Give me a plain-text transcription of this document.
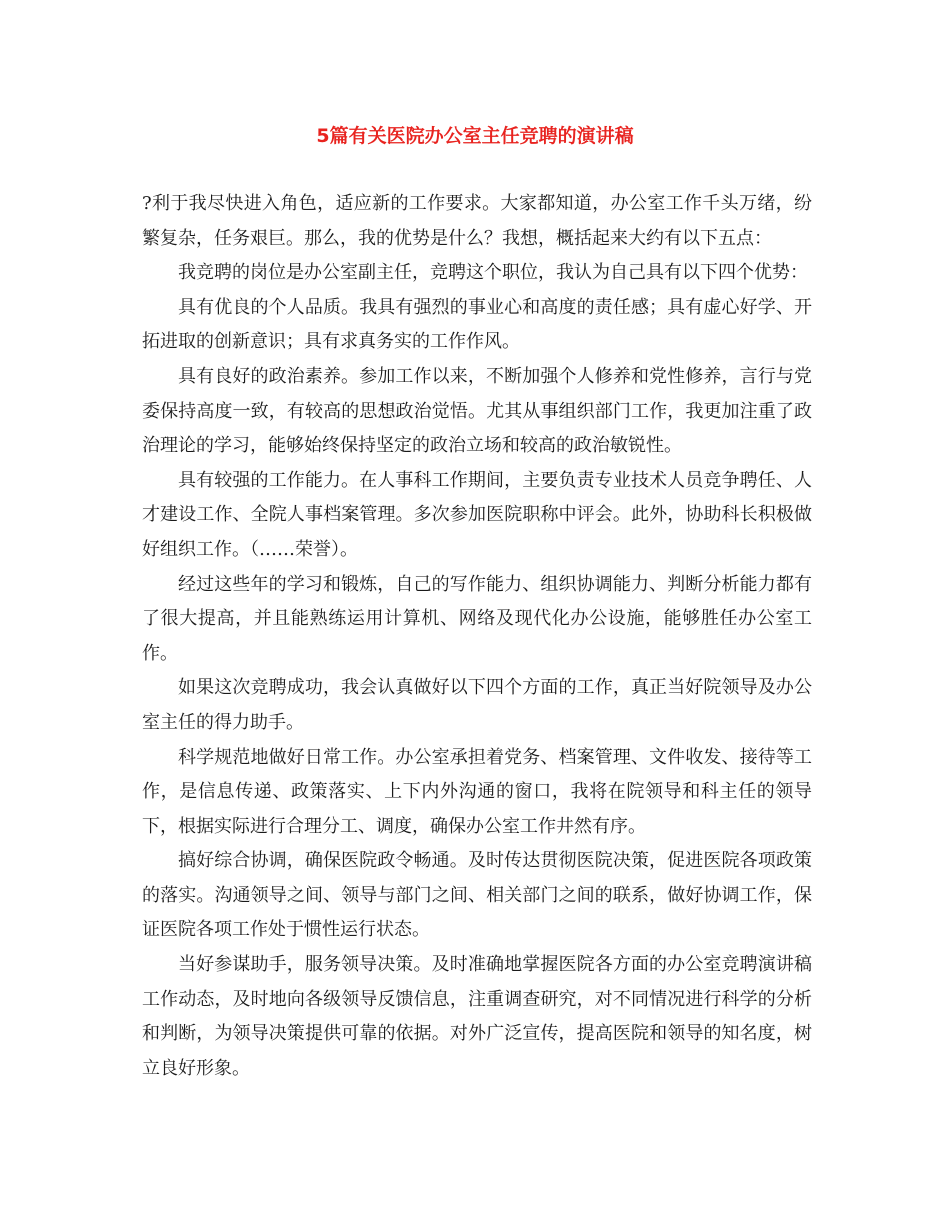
5篇有关医院办公室主任竞聘的演讲稿

?利于我尽快进入角色，适应新的工作要求。大家都知道，办公室工作千头万绪，纷繁复杂，任务艰巨。那么，我的优势是什么？我想，概括起来大约有以下五点：

我竞聘的岗位是办公室副主任，竞聘这个职位，我认为自己具有以下四个优势：

具有优良的个人品质。我具有强烈的事业心和高度的责任感；具有虚心好学、开拓进取的创新意识；具有求真务实的工作作风。

具有良好的政治素养。参加工作以来，不断加强个人修养和党性修养，言行与党委保持高度一致，有较高的思想政治觉悟。尤其从事组织部门工作，我更加注重了政治理论的学习，能够始终保持坚定的政治立场和较高的政治敏锐性。

具有较强的工作能力。在人事科工作期间，主要负责专业技术人员竞争聘任、人才建设工作、全院人事档案管理。多次参加医院职称中评会。此外，协助科长积极做好组织工作。（……荣誉）。

经过这些年的学习和锻炼，自己的写作能力、组织协调能力、判断分析能力都有了很大提高，并且能熟练运用计算机、网络及现代化办公设施，能够胜任办公室工作。

如果这次竞聘成功，我会认真做好以下四个方面的工作，真正当好院领导及办公室主任的得力助手。

科学规范地做好日常工作。办公室承担着党务、档案管理、文件收发、接待等工作，是信息传递、政策落实、上下内外沟通的窗口，我将在院领导和科主任的领导下，根据实际进行合理分工、调度，确保办公室工作井然有序。

搞好综合协调，确保医院政令畅通。及时传达贯彻医院决策，促进医院各项政策的落实。沟通领导之间、领导与部门之间、相关部门之间的联系，做好协调工作，保证医院各项工作处于惯性运行状态。

当好参谋助手，服务领导决策。及时准确地掌握医院各方面的办公室竞聘演讲稿工作动态，及时地向各级领导反馈信息，注重调查研究，对不同情况进行科学的分析和判断，为领导决策提供可靠的依据。对外广泛宣传，提高医院和领导的知名度，树立良好形象。
